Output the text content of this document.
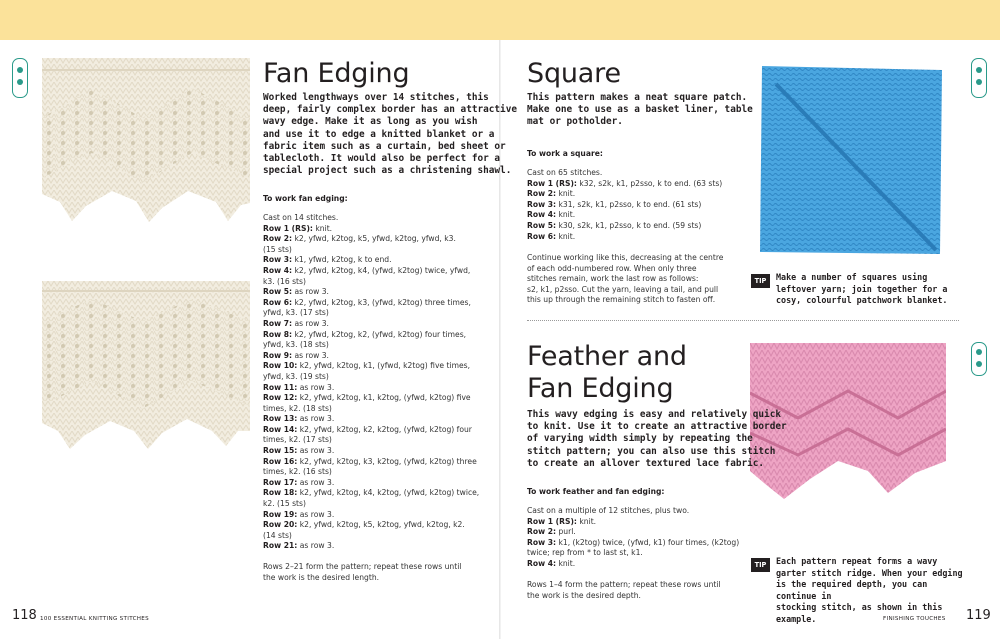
Fan Edging
Worked lengthways over 14 stitches, this
deep, fairly complex border has an attractive
wavy edge. Make it as long as you wish
and use it to edge a knitted blanket or a
fabric item such as a curtain, bed sheet or
tablecloth. It would also be perfect for a
special project such as a christening shawl.
To work fan edging:
Cast on 14 stitches.
Row 1 (RS): knit.
Row 2: k2, yfwd, k2tog, k5, yfwd, k2tog, yfwd, k3.
(15 sts)
Row 3: k1, yfwd, k2tog, k to end.
Row 4: k2, yfwd, k2tog, k4, (yfwd, k2tog) twice, yfwd,
k3. (16 sts)
Row 5: as row 3.
Row 6: k2, yfwd, k2tog, k3, (yfwd, k2tog) three times,
yfwd, k3. (17 sts)
Row 7: as row 3.
Row 8: k2, yfwd, k2tog, k2, (yfwd, k2tog) four times,
yfwd, k3. (18 sts)
Row 9: as row 3.
Row 10: k2, yfwd, k2tog, k1, (yfwd, k2tog) five times,
yfwd, k3. (19 sts)
Row 11: as row 3.
Row 12: k2, yfwd, k2tog, k1, k2tog, (yfwd, k2tog) five
times, k2. (18 sts)
Row 13: as row 3.
Row 14: k2, yfwd, k2tog, k2, k2tog, (yfwd, k2tog) four
times, k2. (17 sts)
Row 15: as row 3.
Row 16: k2, yfwd, k2tog, k3, k2tog, (yfwd, k2tog) three
times, k2. (16 sts)
Row 17: as row 3.
Row 18: k2, yfwd, k2tog, k4, k2tog, (yfwd, k2tog) twice,
k2. (15 sts)
Row 19: as row 3.
Row 20: k2, yfwd, k2tog, k5, k2tog, yfwd, k2tog, k2.
(14 sts)
Row 21: as row 3.
Rows 2–21 form the pattern; repeat these rows until
the work is the desired length.
Square
This pattern makes a neat square patch.
Make one to use as a basket liner, table
mat or potholder.
To work a square:
Cast on 65 stitches.
Row 1 (RS): k32, s2k, k1, p2sso, k to end. (63 sts)
Row 2: knit.
Row 3: k31, s2k, k1, p2sso, k to end. (61 sts)
Row 4: knit.
Row 5: k30, s2k, k1, p2sso, k to end. (59 sts)
Row 6: knit.
Continue working like this, decreasing at the centre
of each odd-numbered row. When only three
stitches remain, work the last row as follows:
s2, k1, p2sso. Cut the yarn, leaving a tail, and pull
this up through the remaining stitch to fasten off.
TIP	Make a number of squares using
leftover yarn; join together for a
cosy, colourful patchwork blanket.
Feather and
Fan Edging
This wavy edging is easy and relatively quick
to knit. Use it to create an attractive border
of varying width simply by repeating the
stitch pattern; you can also use this stitch
to create an allover textured lace fabric.
To work feather and fan edging:
Cast on a multiple of 12 stitches, plus two.
Row 1 (RS): knit.
Row 2: purl.
Row 3: k1, (k2tog) twice, (yfwd, k1) four times, (k2tog)
twice; rep from * to last st, k1.
Row 4: knit.
Rows 1–4 form the pattern; repeat these rows until
the work is the desired depth.
TIP	Each pattern repeat forms a wavy
garter stitch ridge. When your edging
is the required depth, you can continue in
stocking stitch, as shown in this example.
118 100 ESSENTIAL KNITTING STITCHES	FINISHING TOUCHES 119
